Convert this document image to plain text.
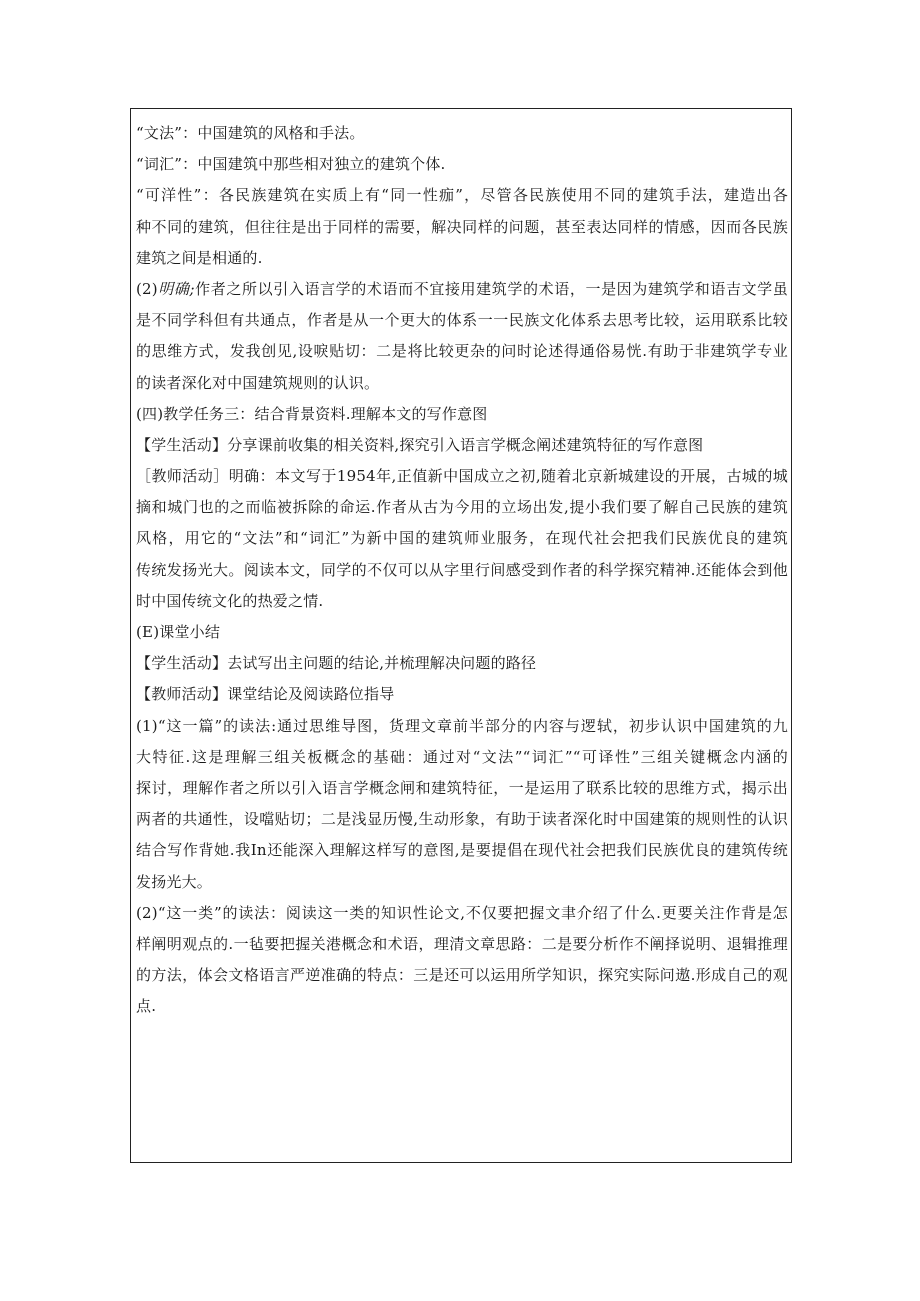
“文法”：中国建筑的风格和手法。
“词汇”：中国建筑中那些相对独立的建筑个体.
“可洋性”：各民族建筑在实质上有“同一性痂”，尽管各民族使用不同的建筑手法，建造出各
种不同的建筑，但往往是出于同样的需要，解决同样的问题，甚至表达同样的情感，因而各民族
建筑之间是相通的.
(2)明确;作者之所以引入语言学的术语而不宜接用建筑学的术语，一是因为建筑学和语吉文学虽
是不同学科但有共通点，作者是从一个更大的体系一一民族文化体系去思考比较，运用联系比较
的思维方式，发我创见,设唳贴切：二是将比较更杂的问时论述得通俗易恍.有助于非建筑学专业
的读者深化对中国建筑规则的认识。
(四)教学任务三：结合背景资料.理解本文的写作意图
【学生活动】分享课前收集的相关资料,探究引入语言学概念阐述建筑特征的写作意图
［教师活动］明确：本文写于1954年,正值新中国成立之初,随着北京新城建设的开展，古城的城
摘和城门也的之而临被拆除的命运.作者从古为今用的立场出发,提小我们要了解自己民族的建筑
风格，用它的“文法”和“词汇”为新中国的建筑师业服务，在现代社会把我们民族优良的建筑
传统发扬光大。阅读本文，同学的不仅可以从字里行间感受到作者的科学探究精神.还能体会到他
时中国传统文化的热爱之情.
(E)课堂小结
【学生活动】去试写出主问题的结论,并梳理解决问题的路径
【教师活动】课堂结论及阅读路位指导
(1)“这一篇”的读法:通过思维导图，货理文章前半部分的内容与逻轼，初步认识中国建筑的九
大特征.这是理解三组关板概念的基础：通过对“文法”“词汇”“可译性”三组关键概念内涵的
探讨，理解作者之所以引入语言学概念闸和建筑特征，一是运用了联系比较的思维方式，揭示出
两者的共通性，设噹贴切；二是浅显历慢,生动形象，有助于读者深化时中国建策的规则性的认识
结合写作背她.我In还能深入理解这样写的意图,是要提倡在现代社会把我们民族优良的建筑传统
发扬光大。
(2)“这一类”的读法：阅读这一类的知识性论文,不仅要把握文聿介绍了什么.更要关注作背是怎
样阐明观点的.一毡要把握关港概念和术语，理清文章思路：二是要分析作不阐择说明、退辑推理
的方法，体会文格语言严逆准确的特点：三是还可以运用所学知识，探究实际问遨.形成自己的观
点.
